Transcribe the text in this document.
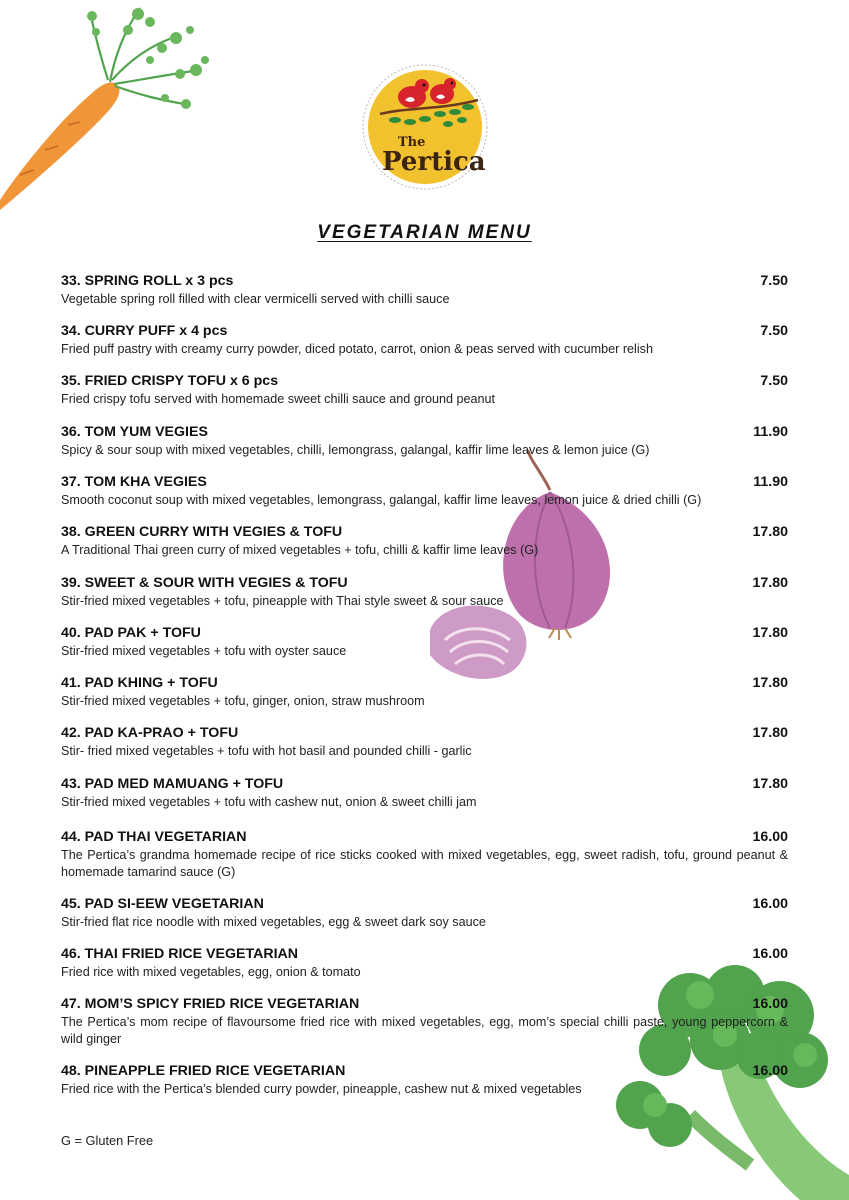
The
Pertica
VEGETARIAN MENU
33. SPRING ROLL x 3 pcs	7.50
Vegetable spring roll filled with clear vermicelli served with chilli sauce
34. CURRY PUFF x 4 pcs	7.50
Fried puff pastry with creamy curry powder, diced potato, carrot, onion & peas served with cucumber relish
35. FRIED CRISPY TOFU x 6 pcs	7.50
Fried crispy tofu served with homemade sweet chilli sauce and ground peanut
36. TOM YUM VEGIES	11.90
Spicy & sour soup with mixed vegetables, chilli, lemongrass, galangal, kaffir lime leaves & lemon juice (G)
37. TOM KHA VEGIES	11.90
Smooth coconut soup with mixed vegetables, lemongrass, galangal, kaffir lime leaves, lemon juice & dried chilli (G)
38. GREEN CURRY WITH VEGIES & TOFU	17.80
A Traditional Thai green curry of mixed vegetables + tofu, chilli & kaffir lime leaves (G)
39. SWEET & SOUR WITH VEGIES & TOFU	17.80
Stir-fried mixed vegetables + tofu, pineapple with Thai style sweet & sour sauce
40. PAD PAK + TOFU	17.80
Stir-fried mixed vegetables + tofu with oyster sauce
41. PAD KHING + TOFU	17.80
Stir-fried mixed vegetables + tofu, ginger, onion, straw mushroom
42. PAD KA-PRAO + TOFU	17.80
Stir- fried mixed vegetables + tofu with hot basil and pounded chilli - garlic
43. PAD MED MAMUANG + TOFU	17.80
Stir-fried mixed vegetables + tofu with cashew nut, onion & sweet chilli jam
44. PAD THAI VEGETARIAN	16.00
The Pertica’s grandma homemade recipe of rice sticks cooked with mixed vegetables, egg, sweet radish, tofu, ground peanut & homemade tamarind sauce (G)
45. PAD SI-EEW VEGETARIAN	16.00
Stir-fried flat rice noodle with mixed vegetables, egg & sweet dark soy sauce
46. THAI FRIED RICE VEGETARIAN	16.00
Fried rice with mixed vegetables, egg, onion & tomato
47. MOM’S SPICY FRIED RICE VEGETARIAN	16.00
The Pertica’s mom recipe of flavoursome fried rice with mixed vegetables, egg, mom’s special chilli paste, young peppercorn & wild ginger
48. PINEAPPLE FRIED RICE VEGETARIAN	16.00
Fried rice with the Pertica’s blended curry powder, pineapple, cashew nut & mixed vegetables
G = Gluten Free
